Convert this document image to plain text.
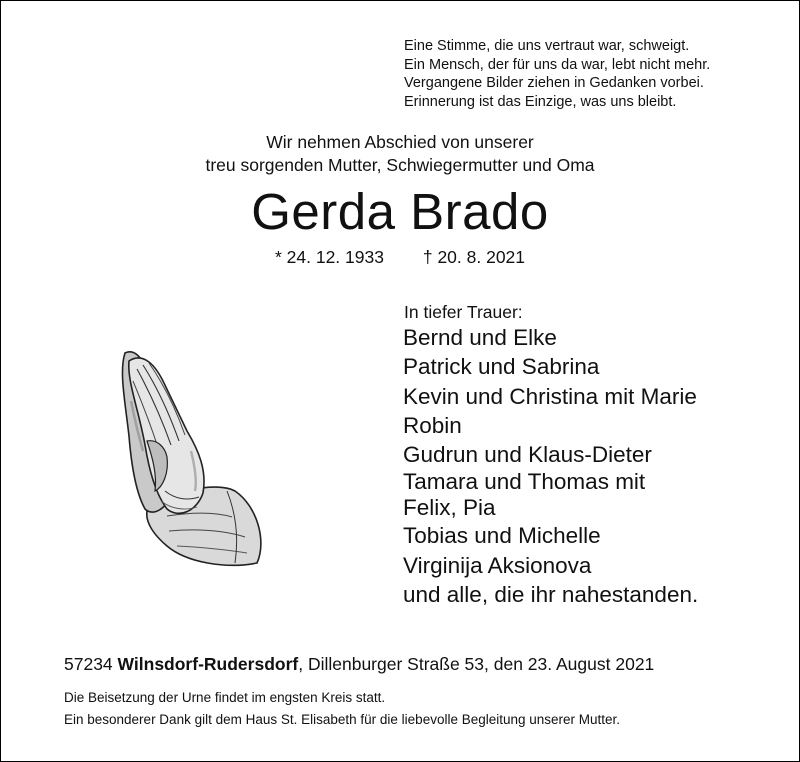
Eine Stimme, die uns vertraut war, schweigt.
Ein Mensch, der für uns da war, lebt nicht mehr.
Vergangene Bilder ziehen in Gedanken vorbei.
Erinnerung ist das Einzige, was uns bleibt.
Wir nehmen Abschied von unserer
treu sorgenden Mutter, Schwiegermutter und Oma
Gerda Brado
* 24. 12. 1933 † 20. 8. 2021
In tiefer Trauer:
Bernd und Elke
Patrick und Sabrina
Kevin und Christina mit Marie
Robin
Gudrun und Klaus-Dieter
Tamara und Thomas mit
Felix, Pia
Tobias und Michelle
Virginija Aksionova
und alle, die ihr nahestanden.
57234 Wilnsdorf-Rudersdorf, Dillenburger Straße 53, den 23. August 2021
Die Beisetzung der Urne findet im engsten Kreis statt.
Ein besonderer Dank gilt dem Haus St. Elisabeth für die liebevolle Begleitung unserer Mutter.
